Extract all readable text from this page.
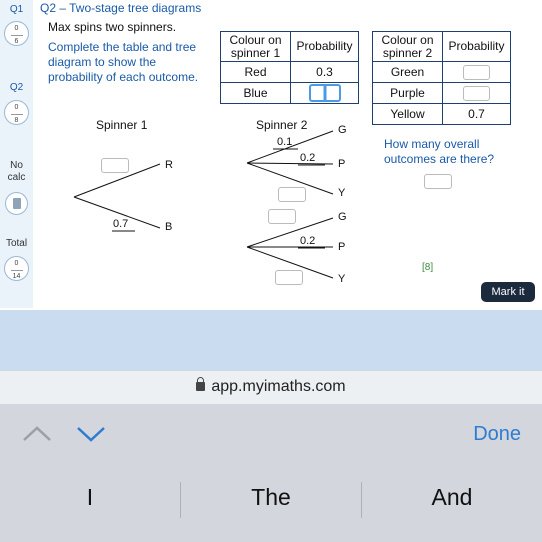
Q1
0
6
Q2
0
8
No
calc
Total
0
14
Q2 – Two-stage tree diagrams
Max spins two spinners.
Complete the table and tree diagram to show the probability of each outcome.
Colour on spinner 1	Probability
Red	0.3
Blue	
Colour on spinner 2	Probability
Green	
Purple	
Yellow	0.7
Spinner 1	Spinner 2
R
0.7	B
0.1
G
0.2 P
Y
G
0.2 P
Y
How many overall outcomes are there?
[8]
Mark it
app.myimaths.com
Done
I	The	And
